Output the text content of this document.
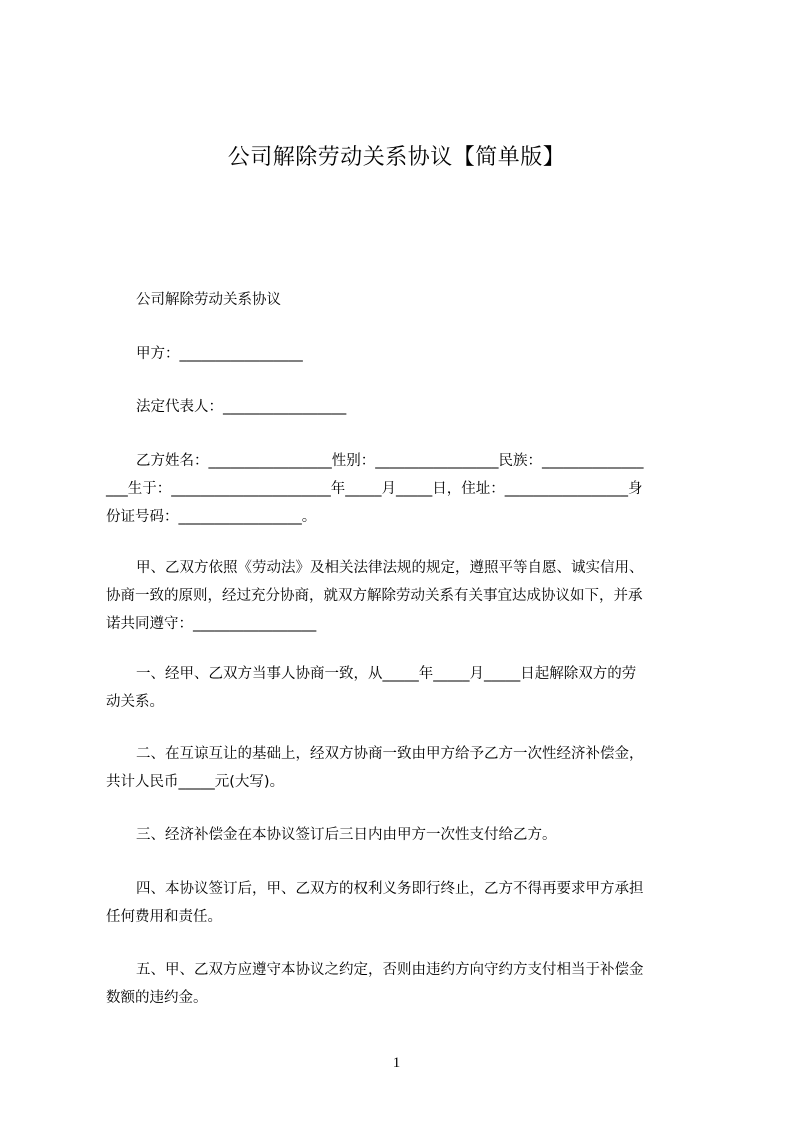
公司解除劳动关系协议【简单版】
公司解除劳动关系协议
甲方：_________________
法定代表人：_________________
乙方姓名：_________________性别：_________________民族：______________
___生于：______________________年_____月_____日，住址：_________________身
份证号码：_________________。
甲、乙双方依照《劳动法》及相关法律法规的规定，遵照平等自愿、诚实信用、
协商一致的原则，经过充分协商，就双方解除劳动关系有关事宜达成协议如下，并承
诺共同遵守：_________________
一、经甲、乙双方当事人协商一致，从_____年_____月_____日起解除双方的劳
动关系。
二、在互谅互让的基础上，经双方协商一致由甲方给予乙方一次性经济补偿金，
共计人民币_____元(大写)。
三、经济补偿金在本协议签订后三日内由甲方一次性支付给乙方。
四、本协议签订后，甲、乙双方的权利义务即行终止，乙方不得再要求甲方承担
任何费用和责任。
五、甲、乙双方应遵守本协议之约定，否则由违约方向守约方支付相当于补偿金
数额的违约金。
1
